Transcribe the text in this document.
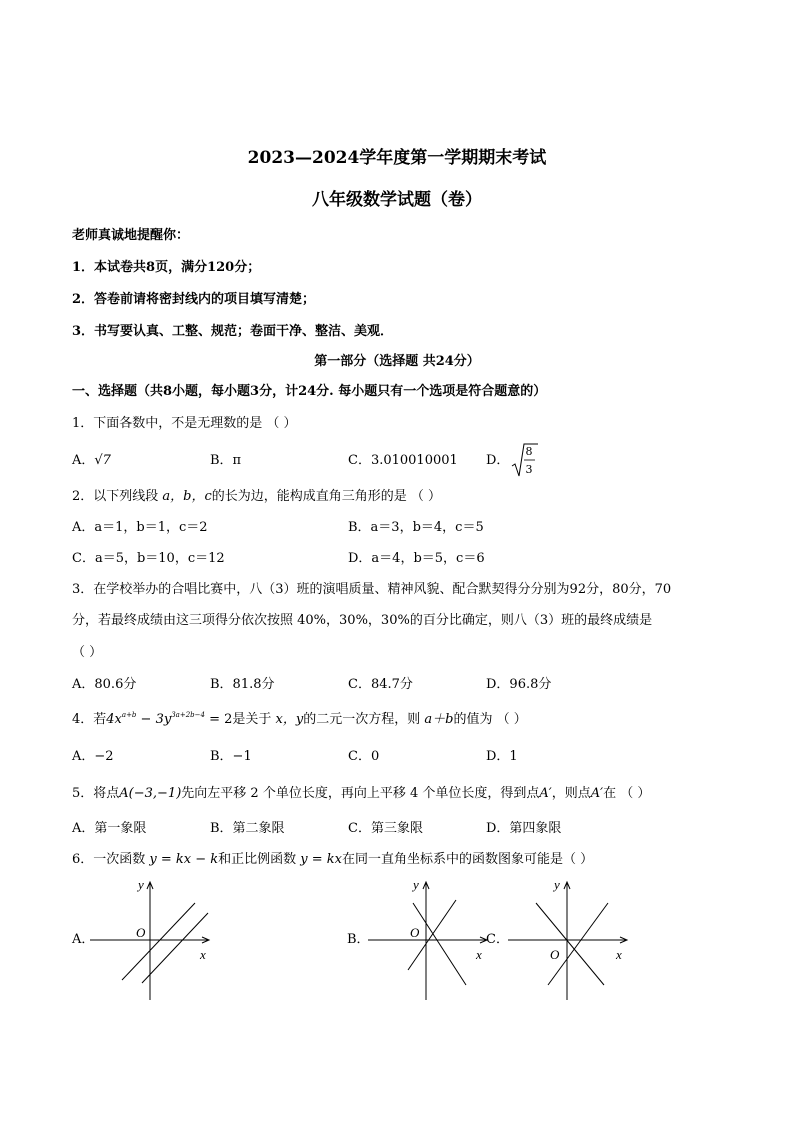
2023—2024学年度第一学期期末考试
八年级数学试题（卷）
老师真诚地提醒你：
1．本试卷共8页，满分120分；
2．答卷前请将密封线内的项目填写清楚；
3．书写要认真、工整、规范；卷面干净、整洁、美观．
第一部分（选择题 共24分）
一、选择题（共8小题，每小题3分，计24分. 每小题只有一个选项是符合题意的）
1．下面各数中，不是无理数的是 （ ）
A．√7	B．π	C．3.010010001 D．
8
3
2．以下列线段 a，b，c的长为边，能构成直角三角形的是 （ ）
A．a＝1，b＝1，c＝2	B．a＝3，b＝4，c＝5
C．a＝5，b＝10，c＝12	D．a＝4，b＝5，c＝6
3．在学校举办的合唱比赛中，八（3）班的演唱质量、精神风貌、配合默契得分分别为92分，80分，70
分，若最终成绩由这三项得分依次按照 40%，30%，30%的百分比确定，则八（3）班的最终成绩是
（ ）
A．80.6分	B．81.8分	C．84.7分	D．96.8分
4．若$4x^{a+b} - 3y^{3a+2b-4} = 2$是关于 x，y的二元一次方程，则 a＋b的值为 （ ）
A．−2	B．−1	C．0	D．1
5．将点A(−3,−1)先向左平移 2 个单位长度，再向上平移 4 个单位长度，得到点A′，则点A′在 （ ）
A．第一象限	B．第二象限	C．第三象限	D．第四象限
6．一次函数 y = kx − k和正比例函数 y = kx在同一直角坐标系中的函数图象可能是（ ）
A．
y
x
O	B．
y
x
O	C．
y
x
O
